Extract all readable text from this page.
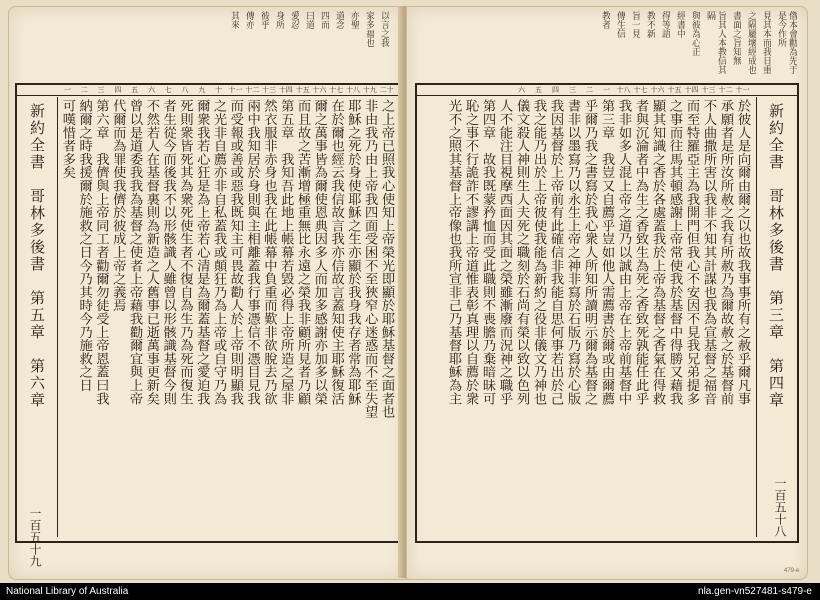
以言之我
家多福也
亦聖
道念
四而
曰道
愛忍
身所
彼乎
傳亦
其來
二十
十九
十八
十七
十六
十五
十四
十三
十二
十一
十
九
八
七
六
五
四
三
二
一
之上帝已照我心使知上帝榮光即顯於耶穌基督之面者也
非由我乃由上帝我四面受困不至狹窄心迷惑而不至失望
耶穌之死於身使耶穌之生亦顯於我身我存者常為耶穌
在於爾也經云我信故言我亦信故言蓋知使主耶穌復活
爾之萬事皆為爾使恩典因多人而加多感謝亦加多以榮
而且故之苦漸增極重無比永遠之榮我非顧所見者乃顧
第五章　我知吾此地上帳幕若毀必得上帝所造之屋非
然衣服非赤身也我在此帳幕中負重而歎非欲脫去乃欲
兩中我知居於身則與主相離蓋我行事憑信不憑目見我
而受報或善或惡我既知主可畏故勸人於上帝則明顯我
之光非自薦亦非自私蓋我或顛狂乃為上帝或自守乃為
爾衆我若心狂是為上帝若心清是為爾蓋基督之愛迫我
死則衆皆死其為衆死使生者不復自為生乃為死而復生
者生從今而後我不以形骸識人雖曾以形骸識基督今則
不然若人在基督裏則為新造之人舊事已逝萬事更新矣
曾以是道委我我為基督之使者上帝藉我勸爾宜與上帝
代爾而為罪使我儕於彼成上帝之義焉
第六章　我儕與上帝同工者勸爾勿徒受上帝恩蓋曰我
納爾之時我援爾於施救之日今乃其時今乃施救之日
可嘆惜者多矣
新約全書　哥林多後書　第五章　第六章
一百五十九
偺本會勸為先于是今作所
見其本而我日重
之隔屬壞經成也
書面之旨知無
旨其人本教信其隔
與彼為心正
經書中
得等語
教不新
旨一見
傳生信
教者
十一
十二
十三
十四
十五
十六
十七
十八
一
二
三
四
五
六
於彼人是向爾由爾之以也故我事事所有之赦乎爾凡事
承願者是所汝所赦之我有所赦乃為爾故赦之於基督前
不人曲撒所害以我非不知其計謀也我為宣基督之福音
而至特羅亞主為我開門但我心不安因不見我兄弟提多
之事而往馬其頓感謝上帝常使我於基督中得勝又藉我
顯其知識之香於各處蓋我於上帝為基督之香氣在得救
者與沉淪者中為生之香致生為死之香致死孰能任此乎
我非如多人混上帝之道乃以誠由上帝在上帝前基督中
第三章　我豈又自薦乎豈如他人需薦書於爾或由爾薦
乎爾乃我之書寫於我心衆人所知所讀明示爾為基督之
書非以墨寫乃以永生上帝之神非寫於石版乃寫於心版
我因基督於上帝前有此確信非我能自思何事若出於己
我之能乃出於上帝彼使我能為新約之役非儀文乃神也
儀文殺人神則生人夫死之職刻於石尚有榮以致以色列
人不能注目視摩西面因其面之榮雖漸廢而況神之職乎
第四章　故我既蒙矜恤而受此職則不喪膽乃棄暗昧可
恥之事不行詭詐不謬講上帝道惟表彰真理以自薦於衆
光不之照其基督上帝像也我所宣非己乃基督耶穌為主	新約全書　哥林多後書　第三章　第四章
一百五十八
479-e
National Library of Australia	nla.gen-vn527481-s479-e
